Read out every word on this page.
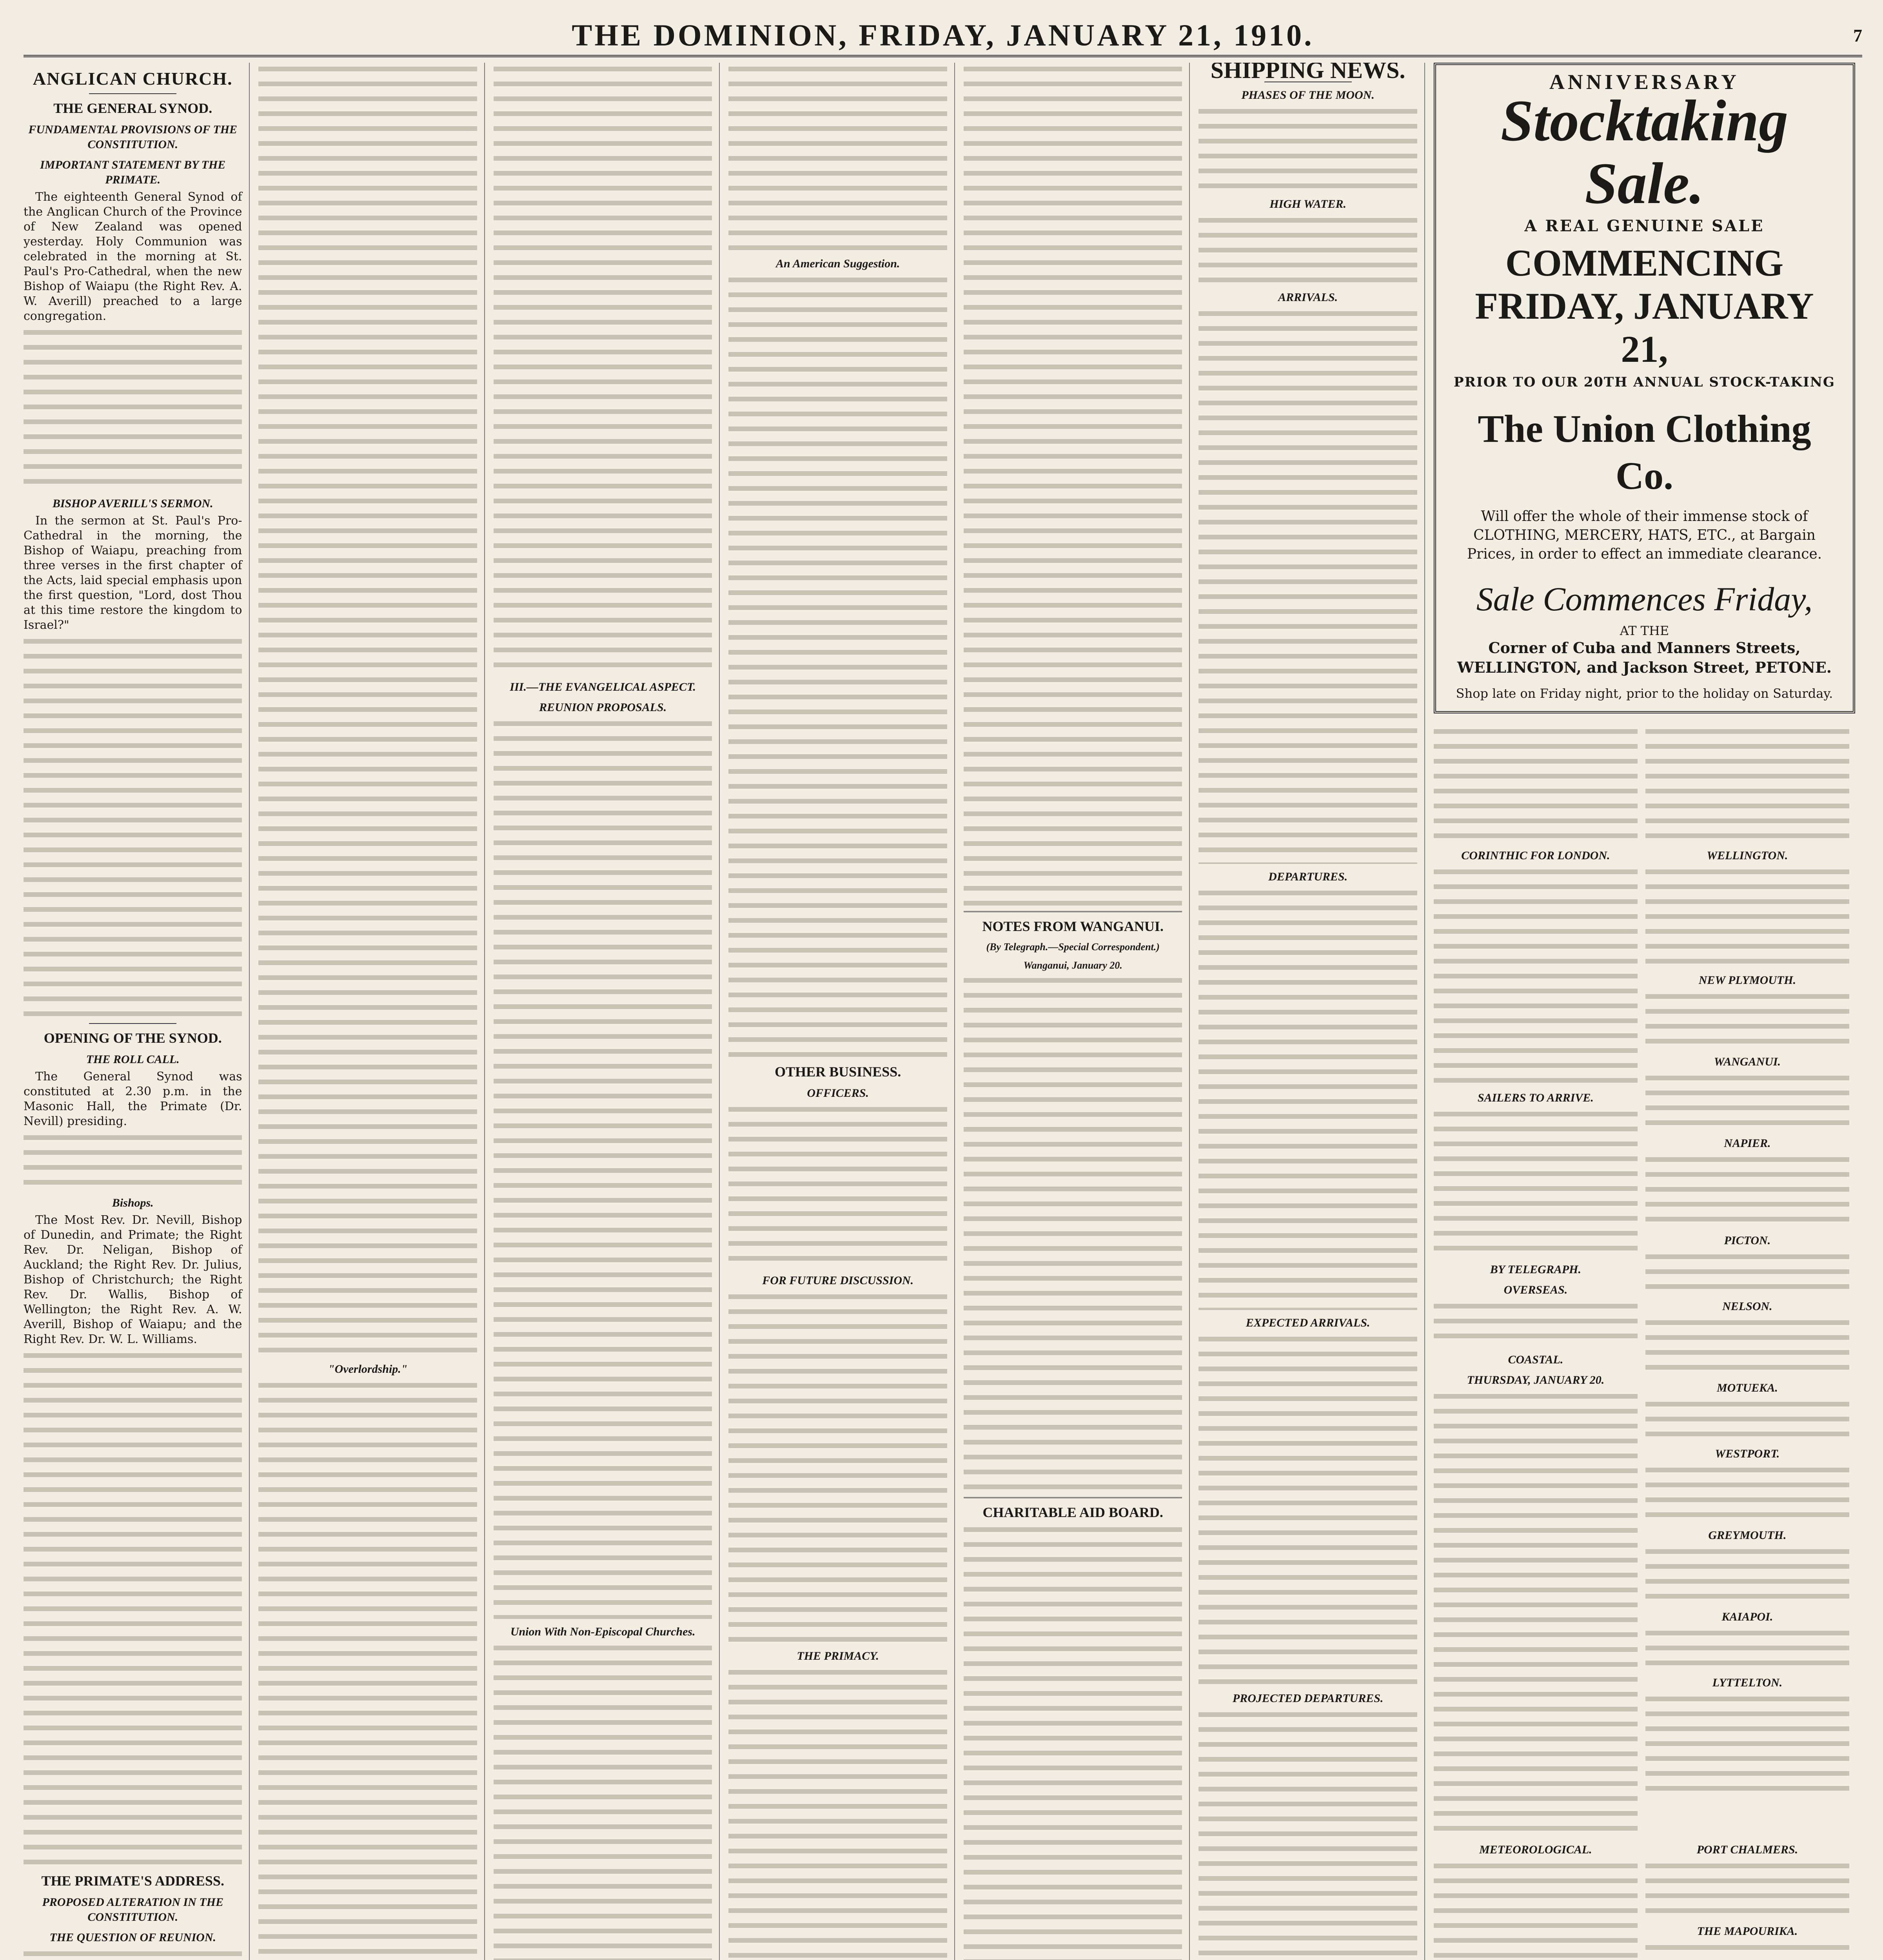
THE DOMINION, FRIDAY, JANUARY 21, 1910.	7
ANGLICAN CHURCH.
THE GENERAL SYNOD.
FUNDAMENTAL PROVISIONS OF THE CONSTITUTION.
IMPORTANT STATEMENT BY THE PRIMATE.

The eighteenth General Synod of the Anglican Church of the Province of New Zealand was opened yesterday. Holy Communion was celebrated in the morning at St. Paul's Pro-Cathedral, when the new Bishop of Waiapu (the Right Rev. A. W. Averill) preached to a large congregation.

BISHOP AVERILL'S SERMON.

In the sermon at St. Paul's Pro-Cathedral in the morning, the Bishop of Waiapu, preaching from three verses in the first chapter of the Acts, laid special emphasis upon the first question, "Lord, dost Thou at this time restore the kingdom to Israel?"

OPENING OF THE SYNOD.
THE ROLL CALL.

The General Synod was constituted at 2.30 p.m. in the Masonic Hall, the Primate (Dr. Nevill) presiding.

Bishops.

The Most Rev. Dr. Nevill, Bishop of Dunedin, and Primate; the Right Rev. Dr. Neligan, Bishop of Auckland; the Right Rev. Dr. Julius, Bishop of Christchurch; the Right Rev. Dr. Wallis, Bishop of Wellington; the Right Rev. A. W. Averill, Bishop of Waiapu; and the Right Rev. Dr. W. L. Williams.

THE PRIMATE'S ADDRESS.
PROPOSED ALTERATION IN THE CONSTITUTION.
THE QUESTION OF REUNION.
"Overlordship."
III.—THE EVANGELICAL ASPECT.
REUNION PROPOSALS.
Union With Non-Episcopal Churches.
An American Suggestion.
OTHER BUSINESS.
OFFICERS.
FOR FUTURE DISCUSSION.
THE PRIMACY.
NOTES FROM WANGANUI.
(By Telegraph.—Special Correspondent.)
Wanganui, January 20.
CHARITABLE AID BOARD.
SHIPPING NEWS.
PHASES OF THE MOON.
HIGH WATER.
ARRIVALS.
DEPARTURES.
EXPECTED ARRIVALS.
PROJECTED DEPARTURES.
ANNIVERSARY
Stocktaking Sale.
A REAL GENUINE SALE
COMMENCING FRIDAY, JANUARY 21,
PRIOR TO OUR 20TH ANNUAL STOCK-TAKING
The Union Clothing Co.
Will offer the whole of their immense stock of CLOTHING, MERCERY, HATS, ETC., at Bargain Prices, in order to effect an immediate clearance.
Sale Commences Friday,
AT THE
Corner of Cuba and Manners Streets, WELLINGTON, and Jackson Street, PETONE.
Shop late on Friday night, prior to the holiday on Saturday.
CORINTHIC FOR LONDON.
SAILERS TO ARRIVE.
BY TELEGRAPH.
OVERSEAS.
COASTAL.
THURSDAY, JANUARY 20.
WELLINGTON.
NEW PLYMOUTH.
WANGANUI.
NAPIER.
PICTON.
NELSON.
MOTUEKA.
WESTPORT.
GREYMOUTH.
KAIAPOI.
LYTTELTON.
METEOROLOGICAL.	PORT CHALMERS.
THE MAPOURIKA.
